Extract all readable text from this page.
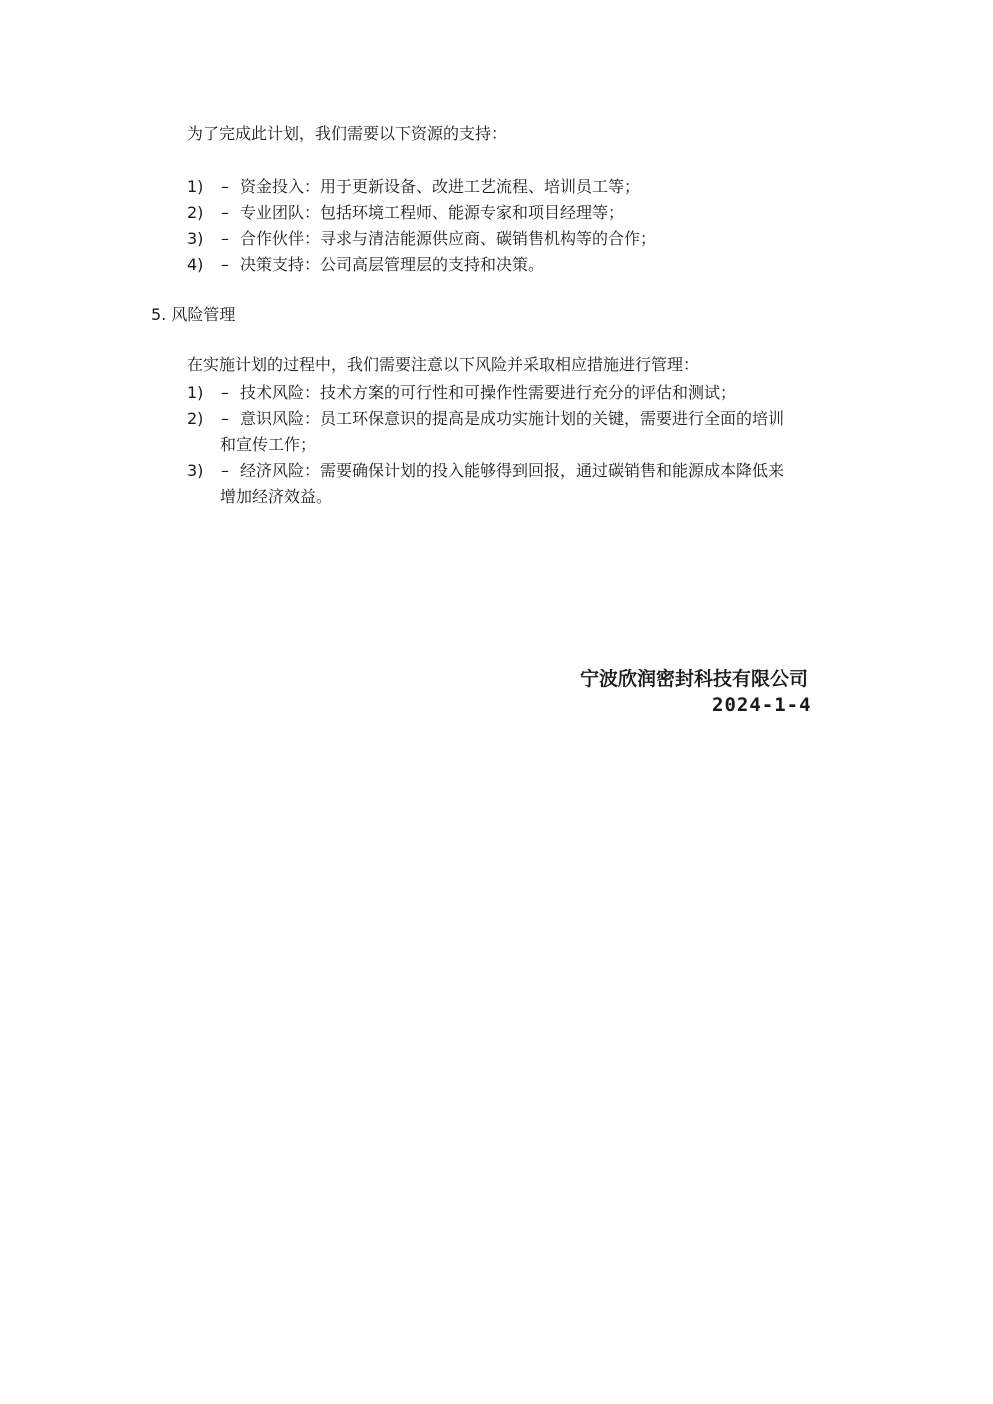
为了完成此计划，我们需要以下资源的支持：
1)	– 资金投入：用于更新设备、改进工艺流程、培训员工等；
2)	– 专业团队：包括环境工程师、能源专家和项目经理等；
3)	– 合作伙伴：寻求与清洁能源供应商、碳销售机构等的合作；
4)	– 决策支持：公司高层管理层的支持和决策。
5. 风险管理
在实施计划的过程中，我们需要注意以下风险并采取相应措施进行管理：
1)	– 技术风险：技术方案的可行性和可操作性需要进行充分的评估和测试；
2)	– 意识风险：员工环保意识的提高是成功实施计划的关键，需要进行全面的培训
和宣传工作；
3)	– 经济风险：需要确保计划的投入能够得到回报，通过碳销售和能源成本降低来
增加经济效益。
宁波欣润密封科技有限公司
2024-1-4
